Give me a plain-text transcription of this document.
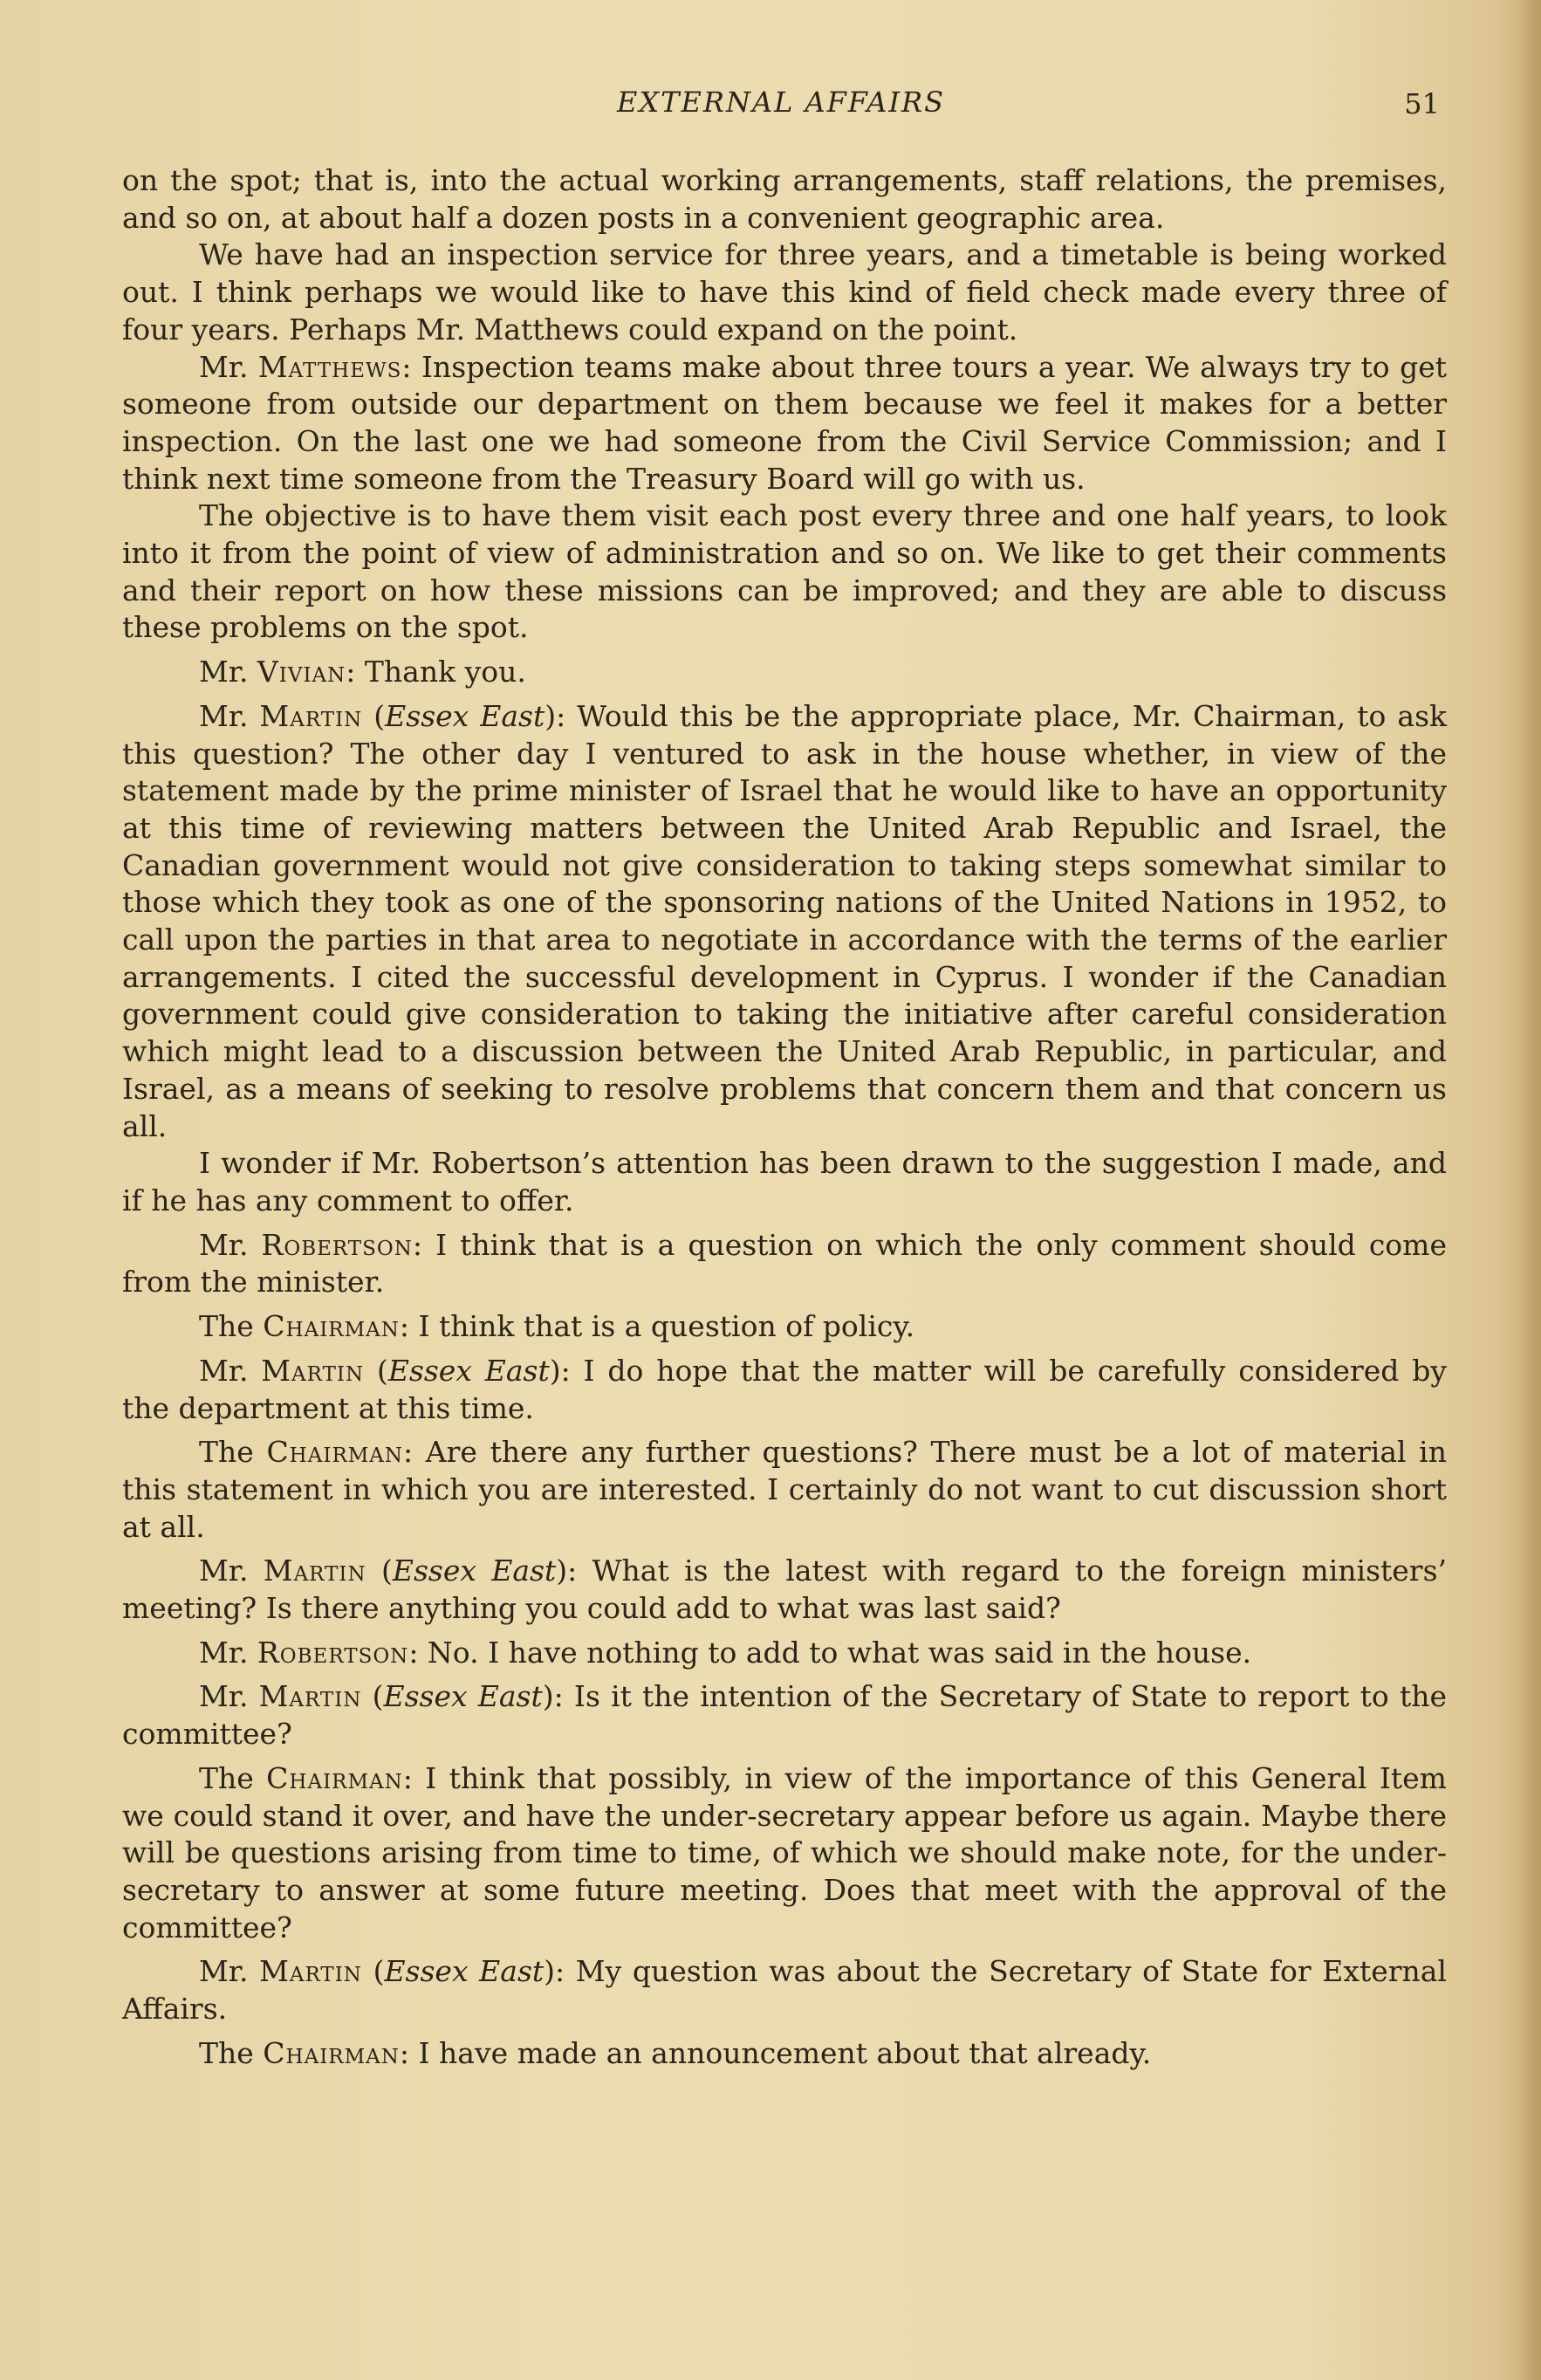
EXTERNAL AFFAIRS	51

on the spot; that is, into the actual working arrangements, staff relations, the premises, and so on, at about half a dozen posts in a convenient geographic area.

We have had an inspection service for three years, and a timetable is being worked out. I think perhaps we would like to have this kind of field check made every three of four years. Perhaps Mr. Matthews could expand on the point.

Mr. Matthews: Inspection teams make about three tours a year. We always try to get someone from outside our department on them because we feel it makes for a better inspection. On the last one we had someone from the Civil Service Commission; and I think next time someone from the Treasury Board will go with us.

The objective is to have them visit each post every three and one half years, to look into it from the point of view of administration and so on. We like to get their comments and their report on how these missions can be improved; and they are able to discuss these problems on the spot.

Mr. Vivian: Thank you.

Mr. Martin (Essex East): Would this be the appropriate place, Mr. Chairman, to ask this question? The other day I ventured to ask in the house whether, in view of the statement made by the prime minister of Israel that he would like to have an opportunity at this time of reviewing matters between the United Arab Republic and Israel, the Canadian government would not give consideration to taking steps somewhat similar to those which they took as one of the sponsoring nations of the United Nations in 1952, to call upon the parties in that area to negotiate in accordance with the terms of the earlier arrangements. I cited the successful development in Cyprus. I wonder if the Canadian government could give consideration to taking the initiative after careful consideration which might lead to a discussion between the United Arab Republic, in particular, and Israel, as a means of seeking to resolve problems that concern them and that concern us all.

I wonder if Mr. Robertson’s attention has been drawn to the suggestion I made, and if he has any comment to offer.

Mr. Robertson: I think that is a question on which the only comment should come from the minister.

The Chairman: I think that is a question of policy.

Mr. Martin (Essex East): I do hope that the matter will be carefully considered by the department at this time.

The Chairman: Are there any further questions? There must be a lot of material in this statement in which you are interested. I certainly do not want to cut discussion short at all.

Mr. Martin (Essex East): What is the latest with regard to the foreign ministers’ meeting? Is there anything you could add to what was last said?

Mr. Robertson: No. I have nothing to add to what was said in the house.

Mr. Martin (Essex East): Is it the intention of the Secretary of State to report to the committee?

The Chairman: I think that possibly, in view of the importance of this General Item we could stand it over, and have the under-secretary appear before us again. Maybe there will be questions arising from time to time, of which we should make note, for the under-secretary to answer at some future meeting. Does that meet with the approval of the committee?

Mr. Martin (Essex East): My question was about the Secretary of State for External Affairs.

The Chairman: I have made an announcement about that already.
